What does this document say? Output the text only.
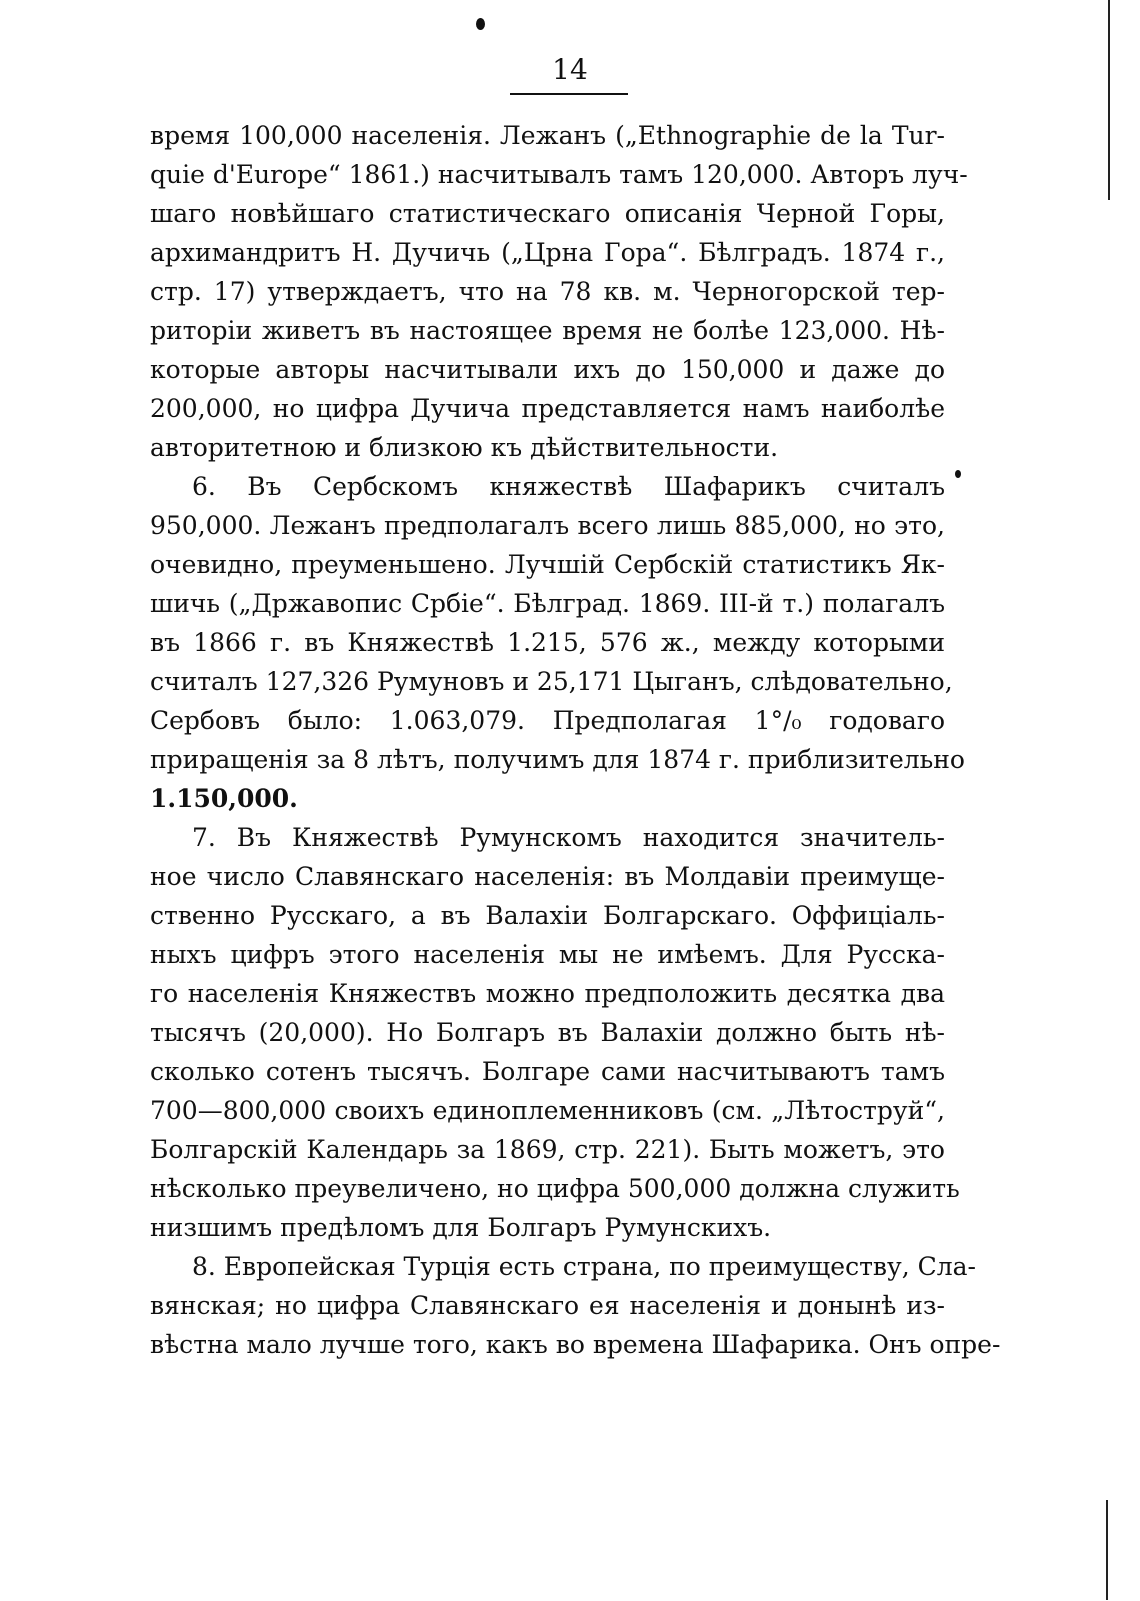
14
время 100,000 населенія. Лежанъ („Ethnographie de la Tur-
quie d'Europe“ 1861.) насчитывалъ тамъ 120,000. Авторъ луч-
шаго новѣйшаго статистическаго описанія Черной Горы,
архимандритъ Н. Дучичь („Црна Гора“. Бѣлградъ. 1874 г.,
стр. 17) утверждаетъ, что на 78 кв. м. Черногорской тер-
риторіи живетъ въ настоящее время не болѣе 123,000. Нѣ-
которые авторы насчитывали ихъ до 150,000 и даже до
200,000, но цифра Дучича представляется намъ наиболѣе
авторитетною и близкою къ дѣйствительности.
6. Въ Сербскомъ княжествѣ Шафарикъ считалъ
950,000. Лежанъ предполагалъ всего лишь 885,000, но это,
очевидно, преуменьшено. Лучшій Сербскій статистикъ Як-
шичь („Државопис Србіе“. Бѣлград. 1869. III-й т.) полагалъ
въ 1866 г. въ Княжествѣ 1.215, 576 ж., между которыми
считалъ 127,326 Румуновъ и 25,171 Цыганъ, слѣдовательно,
Сербовъ было: 1.063,079. Предполагая 1°/₀ годоваго
приращенія за 8 лѣтъ, получимъ для 1874 г. приблизительно
1.150,000.
7. Въ Княжествѣ Румунскомъ находится значитель-
ное число Славянскаго населенія: въ Молдавіи преимуще-
ственно Русскаго, а въ Валахіи Болгарскаго. Оффиціаль-
ныхъ цифръ этого населенія мы не имѣемъ. Для Русска-
го населенія Княжествъ можно предположить десятка два
тысячъ (20,000). Но Болгаръ въ Валахіи должно быть нѣ-
сколько сотенъ тысячъ. Болгаре сами насчитываютъ тамъ
700—800,000 своихъ единоплеменниковъ (см. „Лѣтоструй“,
Болгарскій Календарь за 1869, стр. 221). Быть можетъ, это
нѣсколько преувеличено, но цифра 500,000 должна служить
низшимъ предѣломъ для Болгаръ Румунскихъ.
8. Европейская Турція есть страна, по преимуществу, Сла-
вянская; но цифра Славянскаго ея населенія и донынѣ из-
вѣстна мало лучше того, какъ во времена Шафарика. Онъ опре-
